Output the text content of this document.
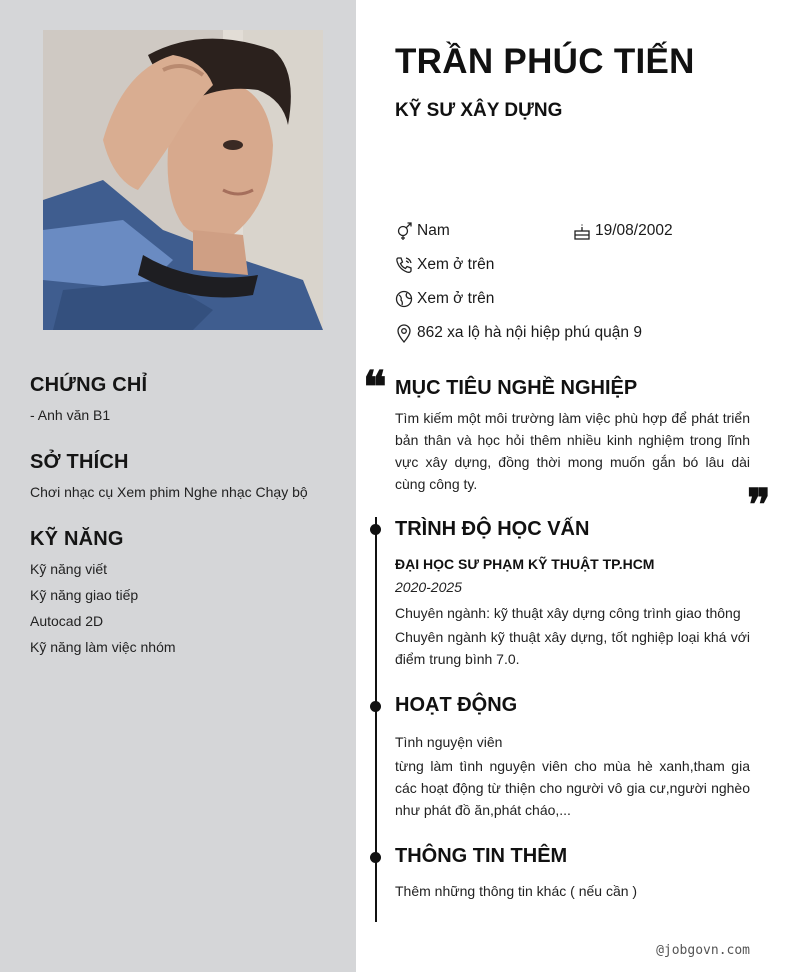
CHỨNG CHỈ
- Anh văn B1
SỞ THÍCH
Chơi nhạc cụ Xem phim Nghe nhạc Chạy bộ
KỸ NĂNG
Kỹ năng viết
Kỹ năng giao tiếp
Autocad 2D
Kỹ năng làm việc nhóm
TRẦN PHÚC TIẾN
KỸ SƯ XÂY DỰNG
Nam	19/08/2002
Xem ở trên
Xem ở trên
862 xa lộ hà nội hiệp phú quận 9
❝ MỤC TIÊU NGHỀ NGHIỆP
Tìm kiếm một môi trường làm việc phù hợp để phát triển bản thân và học hỏi thêm nhiều kinh nghiệm trong lĩnh vực xây dựng, đồng thời mong muốn gắn bó lâu dài cùng công ty.	❞
TRÌNH ĐỘ HỌC VẤN
ĐẠI HỌC SƯ PHẠM KỸ THUẬT TP.HCM
2020-2025
Chuyên ngành: kỹ thuật xây dựng công trình giao thông
Chuyên ngành kỹ thuật xây dựng, tốt nghiệp loại khá với điểm trung bình 7.0.
HOẠT ĐỘNG
Tình nguyện viên
từng làm tình nguyện viên cho mùa hè xanh,tham gia các hoạt động từ thiện cho người vô gia cư,người nghèo như phát đồ ăn,phát cháo,...
THÔNG TIN THÊM
Thêm những thông tin khác ( nếu cần )
@jobgovn.com
